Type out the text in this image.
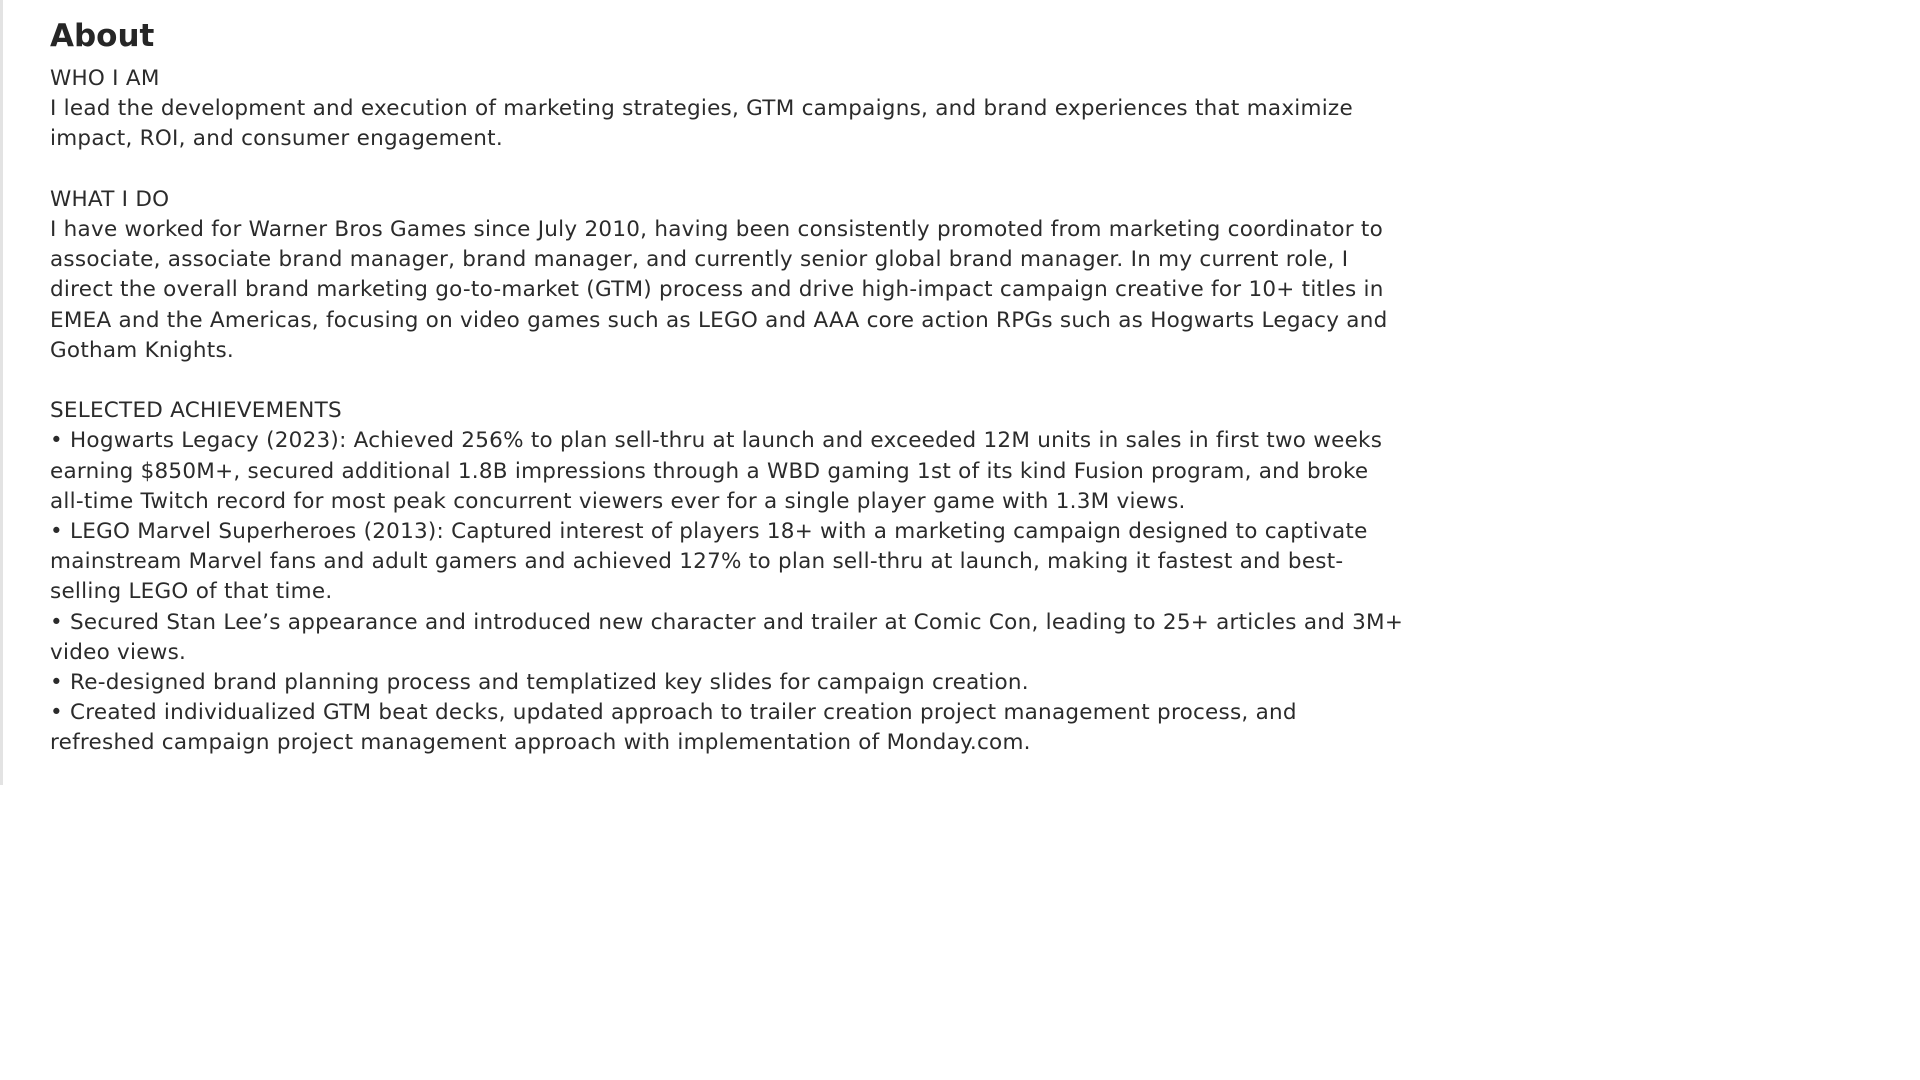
About

WHO I AM

I lead the development and execution of marketing strategies, GTM campaigns, and brand experiences that maximize
impact, ROI, and consumer engagement.

WHAT I DO

I have worked for Warner Bros Games since July 2010, having been consistently promoted from marketing coordinator to
associate, associate brand manager, brand manager, and currently senior global brand manager. In my current role, I
direct the overall brand marketing go-to-market (GTM) process and drive high-impact campaign creative for 10+ titles in
EMEA and the Americas, focusing on video games such as LEGO and AAA core action RPGs such as Hogwarts Legacy and
Gotham Knights.

SELECTED ACHIEVEMENTS

• Hogwarts Legacy (2023): Achieved 256% to plan sell-thru at launch and exceeded 12M units in sales in first two weeks
earning $850M+, secured additional 1.8B impressions through a WBD gaming 1st of its kind Fusion program, and broke
all-time Twitch record for most peak concurrent viewers ever for a single player game with 1.3M views.

• LEGO Marvel Superheroes (2013): Captured interest of players 18+ with a marketing campaign designed to captivate
mainstream Marvel fans and adult gamers and achieved 127% to plan sell-thru at launch, making it fastest and best-
selling LEGO of that time.

• Secured Stan Lee’s appearance and introduced new character and trailer at Comic Con, leading to 25+ articles and 3M+
video views.

• Re-designed brand planning process and templatized key slides for campaign creation.

• Created individualized GTM beat decks, updated approach to trailer creation project management process, and
refreshed campaign project management approach with implementation of Monday.com.
